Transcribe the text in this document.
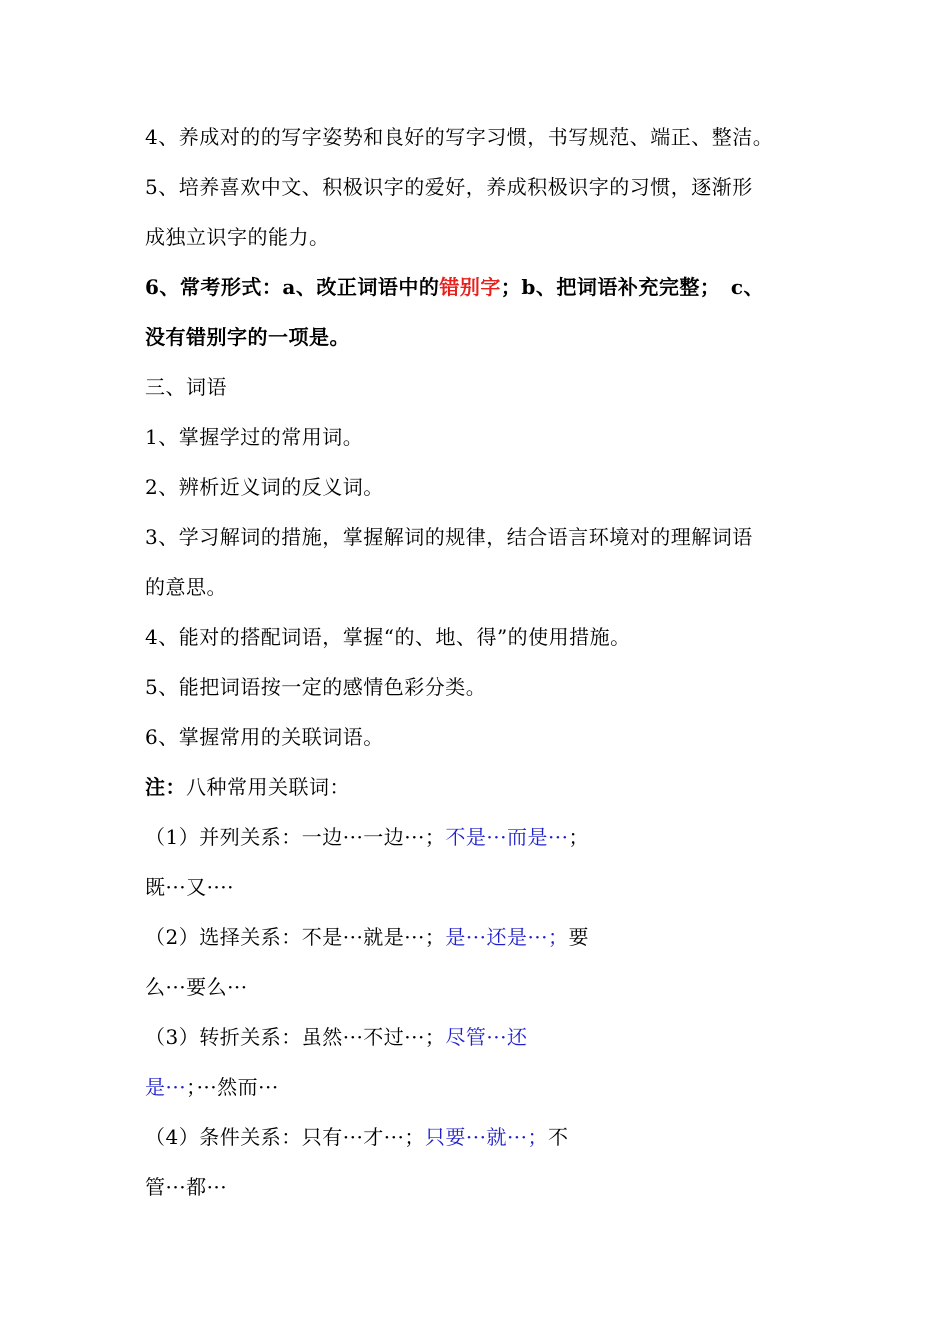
4、养成对的的写字姿势和良好的写字习惯，书写规范、端正、整洁。
5、培养喜欢中文、积极识字的爱好，养成积极识字的习惯，逐渐形
成独立识字的能力。
6、常考形式：a、改正词语中的错别字；b、把词语补充完整；　c、
没有错别字的一项是。
三、词语
1、掌握学过的常用词。
2、辨析近义词的反义词。
3、学习解词的措施，掌握解词的规律，结合语言环境对的理解词语
的意思。
4、能对的搭配词语，掌握“的、地、得”的使用措施。
5、能把词语按一定的感情色彩分类。
6、掌握常用的关联词语。
注：八种常用关联词：
（1）并列关系：一边···一边···；不是···而是···；
既···又····
（2）选择关系：不是···就是···；是···还是···；要
么···要么···
（3）转折关系：虽然···不过···；尽管···还
是···；···然而···
（4）条件关系：只有···才···；只要···就···；不
管···都···
